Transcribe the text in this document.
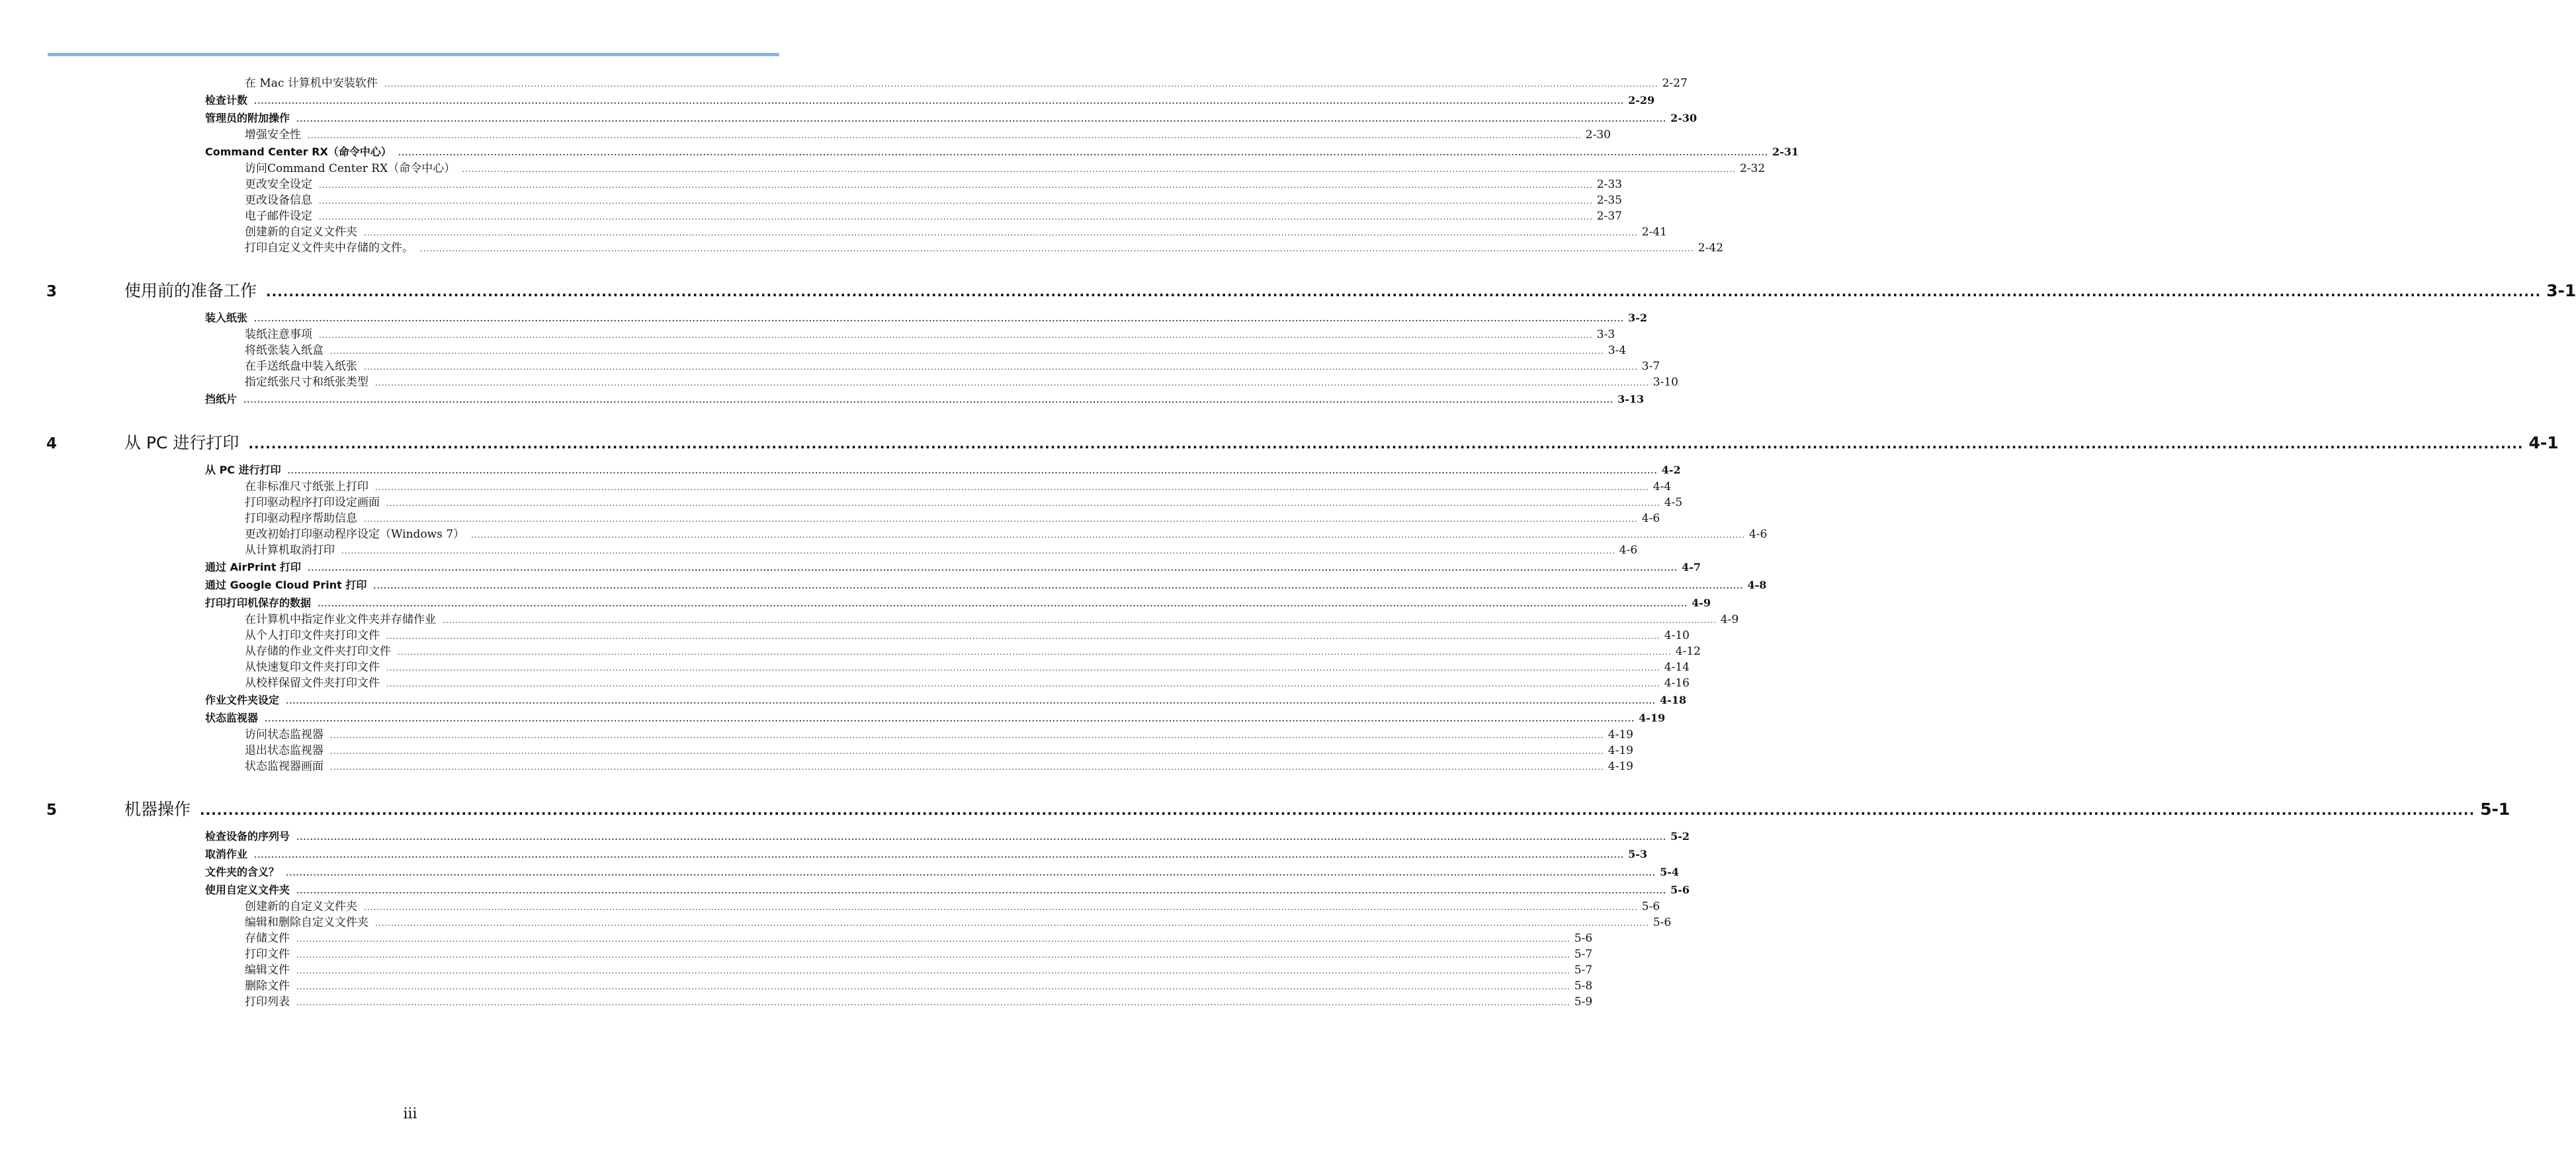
在 Mac 计算机中安装软件 ................................................................................................................................................................................................................................................................................................................................................................................................................ 2-27
检查计数 ................................................................................................................................................................................................................................................................................................................................................................................................................ 2-29
管理员的附加操作 ................................................................................................................................................................................................................................................................................................................................................................................................................ 2-30
增强安全性 ................................................................................................................................................................................................................................................................................................................................................................................................................ 2-30
Command Center RX（命令中心） ................................................................................................................................................................................................................................................................................................................................................................................................................ 2-31
访问Command Center RX（命令中心） ................................................................................................................................................................................................................................................................................................................................................................................................................ 2-32
更改安全设定 ................................................................................................................................................................................................................................................................................................................................................................................................................ 2-33
更改设备信息 ................................................................................................................................................................................................................................................................................................................................................................................................................ 2-35
电子邮件设定 ................................................................................................................................................................................................................................................................................................................................................................................................................ 2-37
创建新的自定义文件夹 ................................................................................................................................................................................................................................................................................................................................................................................................................ 2-41
打印自定义文件夹中存储的文件。 ................................................................................................................................................................................................................................................................................................................................................................................................................ 2-42
3	使用前的准备工作 ................................................................................................................................................................................................................................................................................................................................................................................................................ 3-1
装入纸张 ................................................................................................................................................................................................................................................................................................................................................................................................................ 3-2
装纸注意事项 ................................................................................................................................................................................................................................................................................................................................................................................................................ 3-3
将纸张装入纸盒 ................................................................................................................................................................................................................................................................................................................................................................................................................ 3-4
在手送纸盘中装入纸张 ................................................................................................................................................................................................................................................................................................................................................................................................................ 3-7
指定纸张尺寸和纸张类型 ................................................................................................................................................................................................................................................................................................................................................................................................................ 3-10
挡纸片 ................................................................................................................................................................................................................................................................................................................................................................................................................ 3-13
4	从 PC 进行打印 ................................................................................................................................................................................................................................................................................................................................................................................................................ 4-1
从 PC 进行打印 ................................................................................................................................................................................................................................................................................................................................................................................................................ 4-2
在非标准尺寸纸张上打印 ................................................................................................................................................................................................................................................................................................................................................................................................................ 4-4
打印驱动程序打印设定画面 ................................................................................................................................................................................................................................................................................................................................................................................................................ 4-5
打印驱动程序帮助信息 ................................................................................................................................................................................................................................................................................................................................................................................................................ 4-6
更改初始打印驱动程序设定（Windows 7） ................................................................................................................................................................................................................................................................................................................................................................................................................ 4-6
从计算机取消打印 ................................................................................................................................................................................................................................................................................................................................................................................................................ 4-6
通过 AirPrint 打印 ................................................................................................................................................................................................................................................................................................................................................................................................................ 4-7
通过 Google Cloud Print 打印 ................................................................................................................................................................................................................................................................................................................................................................................................................ 4-8
打印打印机保存的数据 ................................................................................................................................................................................................................................................................................................................................................................................................................ 4-9
在计算机中指定作业文件夹并存储作业 ................................................................................................................................................................................................................................................................................................................................................................................................................ 4-9
从个人打印文件夹打印文件 ................................................................................................................................................................................................................................................................................................................................................................................................................ 4-10
从存储的作业文件夹打印文件 ................................................................................................................................................................................................................................................................................................................................................................................................................ 4-12
从快速复印文件夹打印文件 ................................................................................................................................................................................................................................................................................................................................................................................................................ 4-14
从校样保留文件夹打印文件 ................................................................................................................................................................................................................................................................................................................................................................................................................ 4-16
作业文件夹设定 ................................................................................................................................................................................................................................................................................................................................................................................................................ 4-18
状态监视器 ................................................................................................................................................................................................................................................................................................................................................................................................................ 4-19
访问状态监视器 ................................................................................................................................................................................................................................................................................................................................................................................................................ 4-19
退出状态监视器 ................................................................................................................................................................................................................................................................................................................................................................................................................ 4-19
状态监视器画面 ................................................................................................................................................................................................................................................................................................................................................................................................................ 4-19
5	机器操作 ................................................................................................................................................................................................................................................................................................................................................................................................................ 5-1
检查设备的序列号 ................................................................................................................................................................................................................................................................................................................................................................................................................ 5-2
取消作业 ................................................................................................................................................................................................................................................................................................................................................................................................................ 5-3
文件夹的含义？ ................................................................................................................................................................................................................................................................................................................................................................................................................ 5-4
使用自定义文件夹 ................................................................................................................................................................................................................................................................................................................................................................................................................ 5-6
创建新的自定义文件夹 ................................................................................................................................................................................................................................................................................................................................................................................................................ 5-6
编辑和删除自定义文件夹 ................................................................................................................................................................................................................................................................................................................................................................................................................ 5-6
存储文件 ................................................................................................................................................................................................................................................................................................................................................................................................................ 5-6
打印文件 ................................................................................................................................................................................................................................................................................................................................................................................................................ 5-7
编辑文件 ................................................................................................................................................................................................................................................................................................................................................................................................................ 5-7
删除文件 ................................................................................................................................................................................................................................................................................................................................................................................................................ 5-8
打印列表 ................................................................................................................................................................................................................................................................................................................................................................................................................ 5-9
iii
